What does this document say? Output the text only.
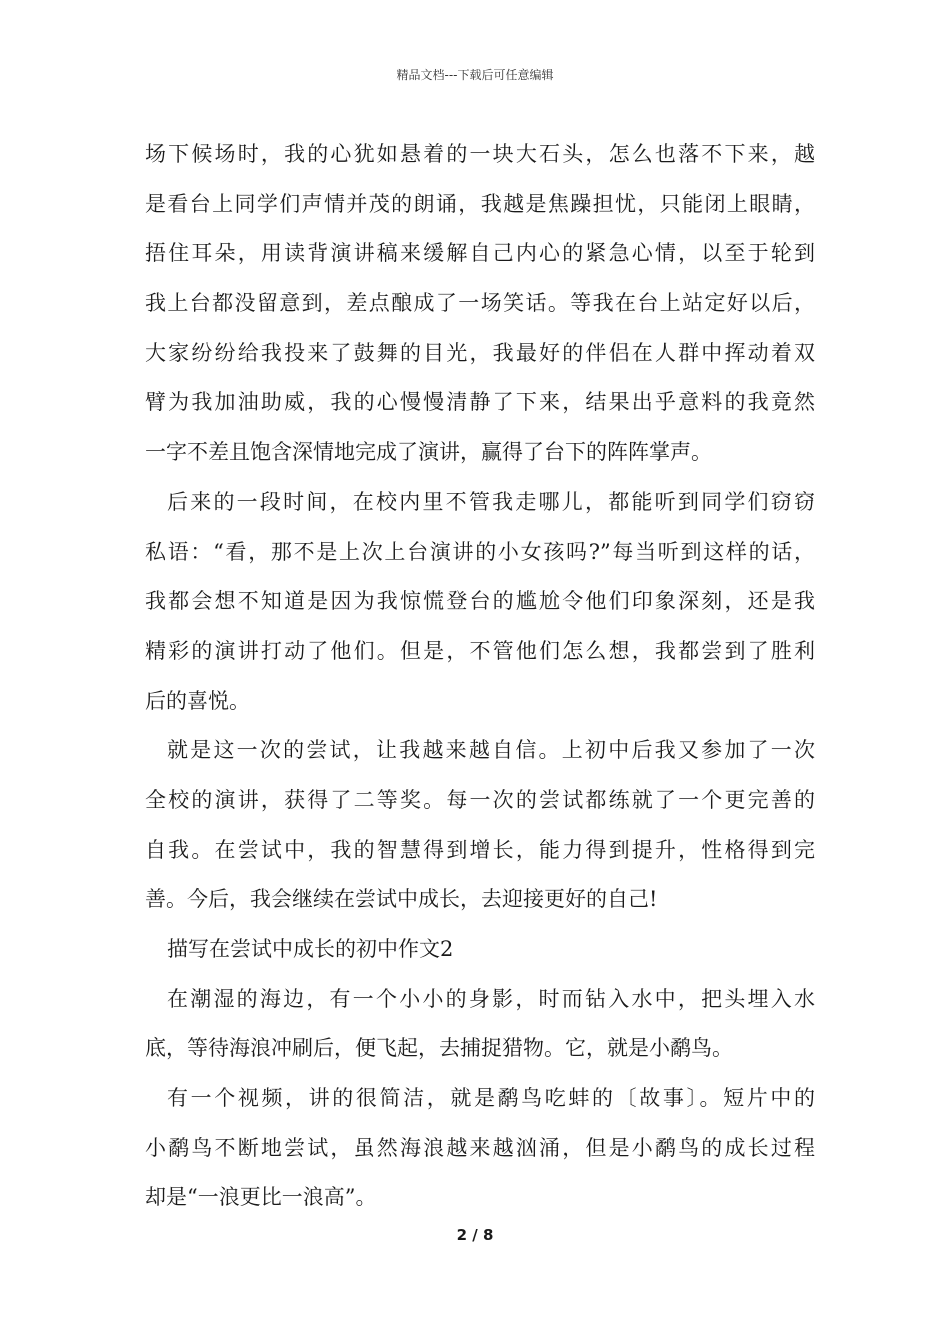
精品文档---下载后可任意编辑
场下候场时，我的心犹如悬着的一块大石头，怎么也落不下来，越
是看台上同学们声情并茂的朗诵，我越是焦躁担忧，只能闭上眼睛，
捂住耳朵，用读背演讲稿来缓解自己内心的紧急心情，以至于轮到
我上台都没留意到，差点酿成了一场笑话。等我在台上站定好以后，
大家纷纷给我投来了鼓舞的目光，我最好的伴侣在人群中挥动着双
臂为我加油助威，我的心慢慢清静了下来，结果出乎意料的我竟然
一字不差且饱含深情地完成了演讲，赢得了台下的阵阵掌声。
后来的一段时间，在校内里不管我走哪儿，都能听到同学们窃窃
私语：“看，那不是上次上台演讲的小女孩吗?”每当听到这样的话，
我都会想不知道是因为我惊慌登台的尴尬令他们印象深刻，还是我
精彩的演讲打动了他们。但是，不管他们怎么想，我都尝到了胜利
后的喜悦。
就是这一次的尝试，让我越来越自信。上初中后我又参加了一次
全校的演讲，获得了二等奖。每一次的尝试都练就了一个更完善的
自我。在尝试中，我的智慧得到增长，能力得到提升，性格得到完
善。今后，我会继续在尝试中成长，去迎接更好的自己!
描写在尝试中成长的初中作文2
在潮湿的海边，有一个小小的身影，时而钻入水中，把头埋入水
底，等待海浪冲刷后，便飞起，去捕捉猎物。它，就是小鹬鸟。
有一个视频，讲的很简洁，就是鹬鸟吃蚌的〔故事〕。短片中的
小鹬鸟不断地尝试，虽然海浪越来越汹涌，但是小鹬鸟的成长过程
却是“一浪更比一浪高”。
2 / 8
